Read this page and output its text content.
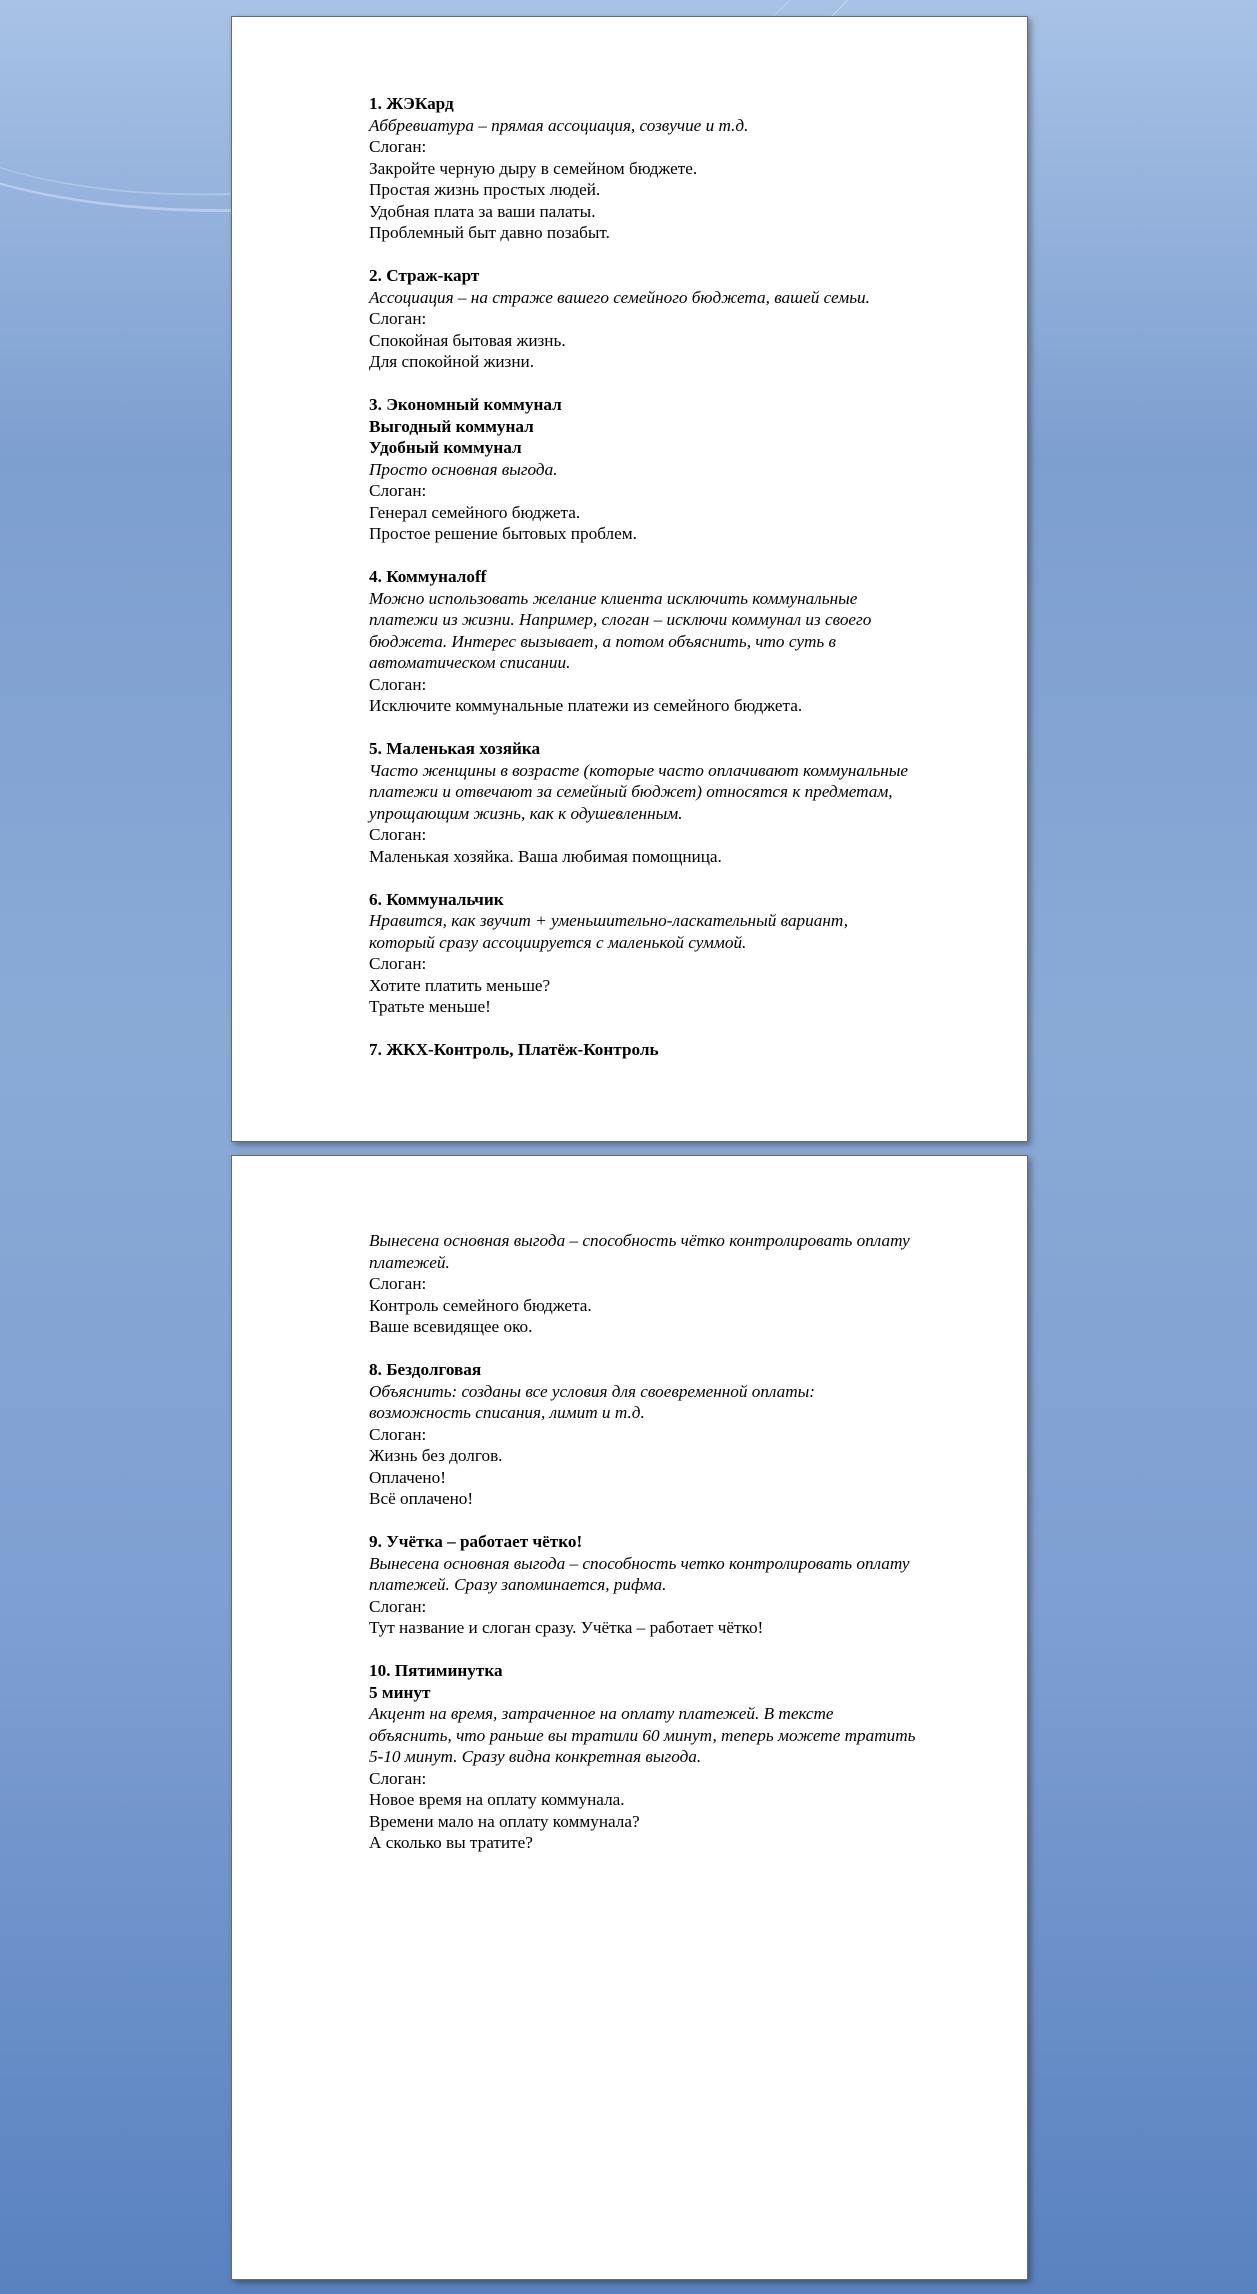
1. ЖЭКард
Аббревиатура – прямая ассоциация, созвучие и т.д.
Слоган:
Закройте черную дыру в семейном бюджете.
Простая жизнь простых людей.
Удобная плата за ваши палаты.
Проблемный быт давно позабыт.
2. Страж-карт
Ассоциация – на страже вашего семейного бюджета, вашей семьи.
Слоган:
Спокойная бытовая жизнь.
Для спокойной жизни.
3. Экономный коммунал
Выгодный коммунал
Удобный коммунал
Просто основная выгода.
Слоган:
Генерал семейного бюджета.
Простое решение бытовых проблем.
4. Коммуналoff
Можно использовать желание клиента исключить коммунальные
платежи из жизни. Например, слоган – исключи коммунал из своего
бюджета. Интерес вызывает, а потом объяснить, что суть в
автоматическом списании.
Слоган:
Исключите коммунальные платежи из семейного бюджета.
5. Маленькая хозяйка
Часто женщины в возрасте (которые часто оплачивают коммунальные
платежи и отвечают за семейный бюджет) относятся к предметам,
упрощающим жизнь, как к одушевленным.
Слоган:
Маленькая хозяйка. Ваша любимая помощница.
6. Коммунальчик
Нравится, как звучит + уменьшительно-ласкательный вариант,
который сразу ассоциируется с маленькой суммой.
Слоган:
Хотите платить меньше?
Тратьте меньше!
7. ЖКХ-Контроль, Платёж-Контроль
Вынесена основная выгода – способность чётко контролировать оплату
платежей.
Слоган:
Контроль семейного бюджета.
Ваше всевидящее око.
8. Бездолговая
Объяснить: созданы все условия для своевременной оплаты:
возможность списания, лимит и т.д.
Слоган:
Жизнь без долгов.
Оплачено!
Всё оплачено!
9. Учётка – работает чётко!
Вынесена основная выгода – способность четко контролировать оплату
платежей. Сразу запоминается, рифма.
Слоган:
Тут название и слоган сразу. Учётка – работает чётко!
10. Пятиминутка
5 минут
Акцент на время, затраченное на оплату платежей. В тексте
объяснить, что раньше вы тратили 60 минут, теперь можете тратить
5-10 минут. Сразу видна конкретная выгода.
Слоган:
Новое время на оплату коммунала.
Времени мало на оплату коммунала?
А сколько вы тратите?
